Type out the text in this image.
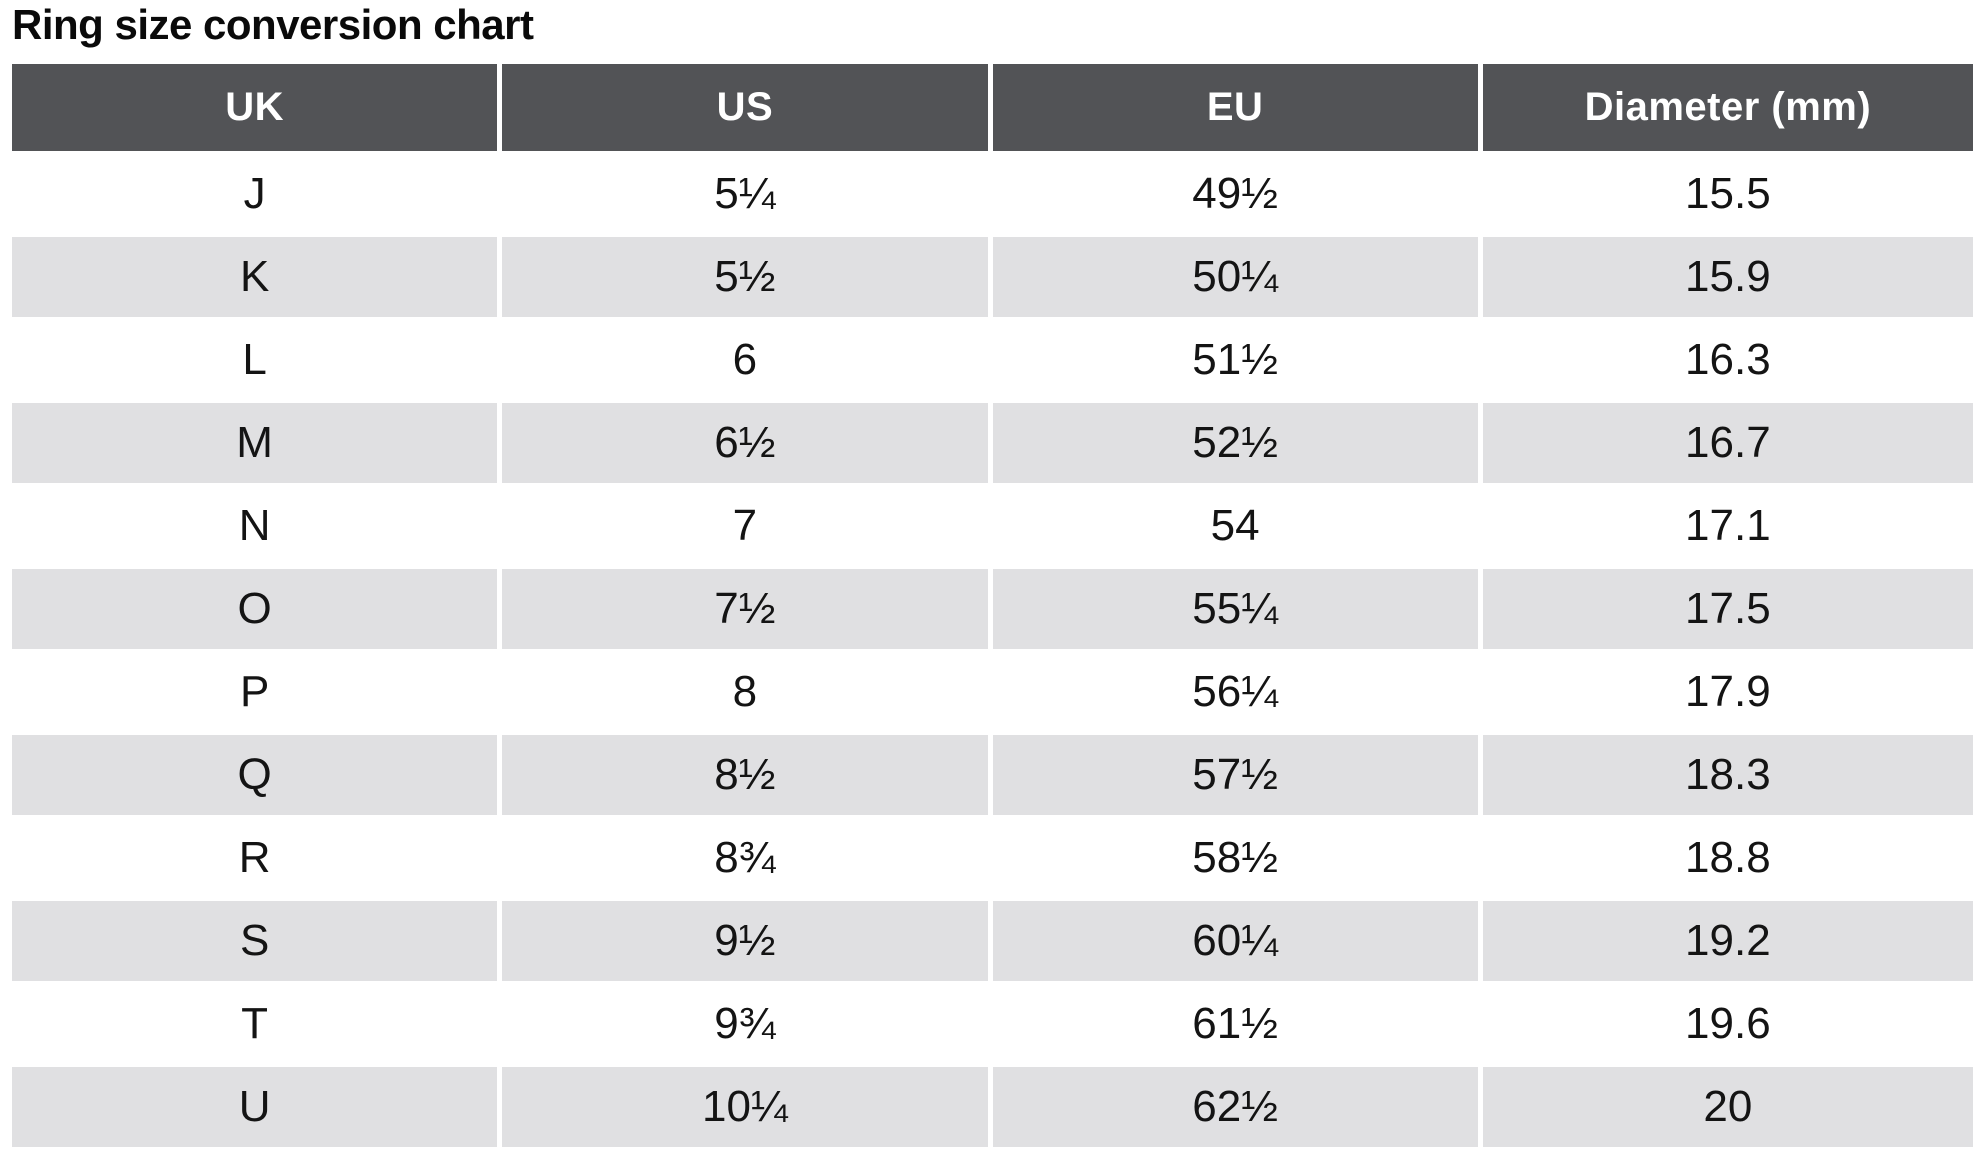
Ring size conversion chart
UK	US	EU	Diameter (mm)
J	5¼	49½	15.5
K	5½	50¼	15.9
L	6	51½	16.3
M	6½	52½	16.7
N	7	54	17.1
O	7½	55¼	17.5
P	8	56¼	17.9
Q	8½	57½	18.3
R	8¾	58½	18.8
S	9½	60¼	19.2
T	9¾	61½	19.6
U	10¼	62½	20
